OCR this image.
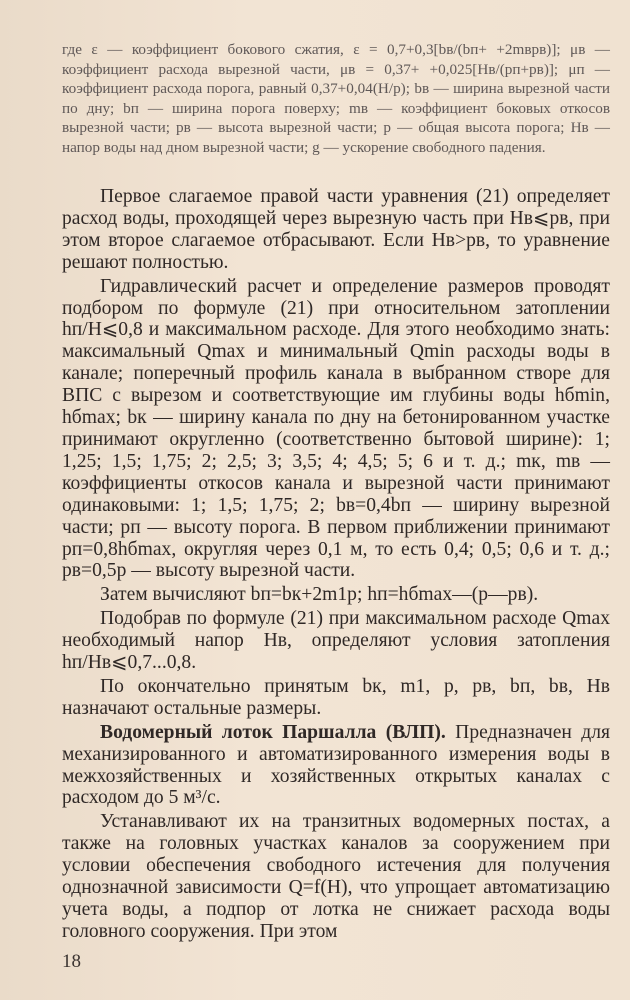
где ε — коэффициент бокового сжатия, ε = 0,7+0,3[bв/(bп+ +2mвpв)]; μв — коэффициент расхода вырезной части, μв = 0,37+ +0,025[Hв/(pп+pв)]; μп — коэффициент расхода порога, равный 0,37+0,04(H/p); bв — ширина вырезной части по дну; bп — ширина порога поверху; mв — коэффициент боковых откосов вырезной части; pв — высота вырезной части; p — общая высота порога; Hв — напор воды над дном вырезной части; g — ускорение свободного падения.

Первое слагаемое правой части уравнения (21) определяет расход воды, проходящей через вырезную часть при Hв⩽pв, при этом второе слагаемое отбрасывают. Если Hв>pв, то уравнение решают полностью.

Гидравлический расчет и определение размеров проводят подбором по формуле (21) при относительном затоплении hп/H⩽0,8 и максимальном расходе. Для этого необходимо знать: максимальный Qmax и минимальный Qmin расходы воды в канале; поперечный профиль канала в выбранном створе для ВПС с вырезом и соответствующие им глубины воды hбmin, hбmax; bк — ширину канала по дну на бетонированном участке принимают округленно (соответственно бытовой ширине): 1; 1,25; 1,5; 1,75; 2; 2,5; 3; 3,5; 4; 4,5; 5; 6 и т. д.; mк, mв — коэффициенты откосов канала и вырезной части принимают одинаковыми: 1; 1,5; 1,75; 2; bв=0,4bп — ширину вырезной части; pп — высоту порога. В первом приближении принимают pп=0,8hбmax, округляя через 0,1 м, то есть 0,4; 0,5; 0,6 и т. д.; pв=0,5p — высоту вырезной части.

Затем вычисляют bп=bк+2m1p; hп=hбmax—(p—pв).

Подобрав по формуле (21) при максимальном расходе Qmax необходимый напор Hв, определяют условия затопления hп/Hв⩽0,7...0,8.

По окончательно принятым bк, m1, p, pв, bп, bв, Hв назначают остальные размеры.

Водомерный лоток Паршалла (ВЛП). Предназначен для механизированного и автоматизированного измерения воды в межхозяйственных и хозяйственных открытых каналах с расходом до 5 м³/с.

Устанавливают их на транзитных водомерных постах, а также на головных участках каналов за сооружением при условии обеспечения свободного истечения для получения однозначной зависимости Q=f(H), что упрощает автоматизацию учета воды, а подпор от лотка не снижает расхода воды головного сооружения. При этом

18
